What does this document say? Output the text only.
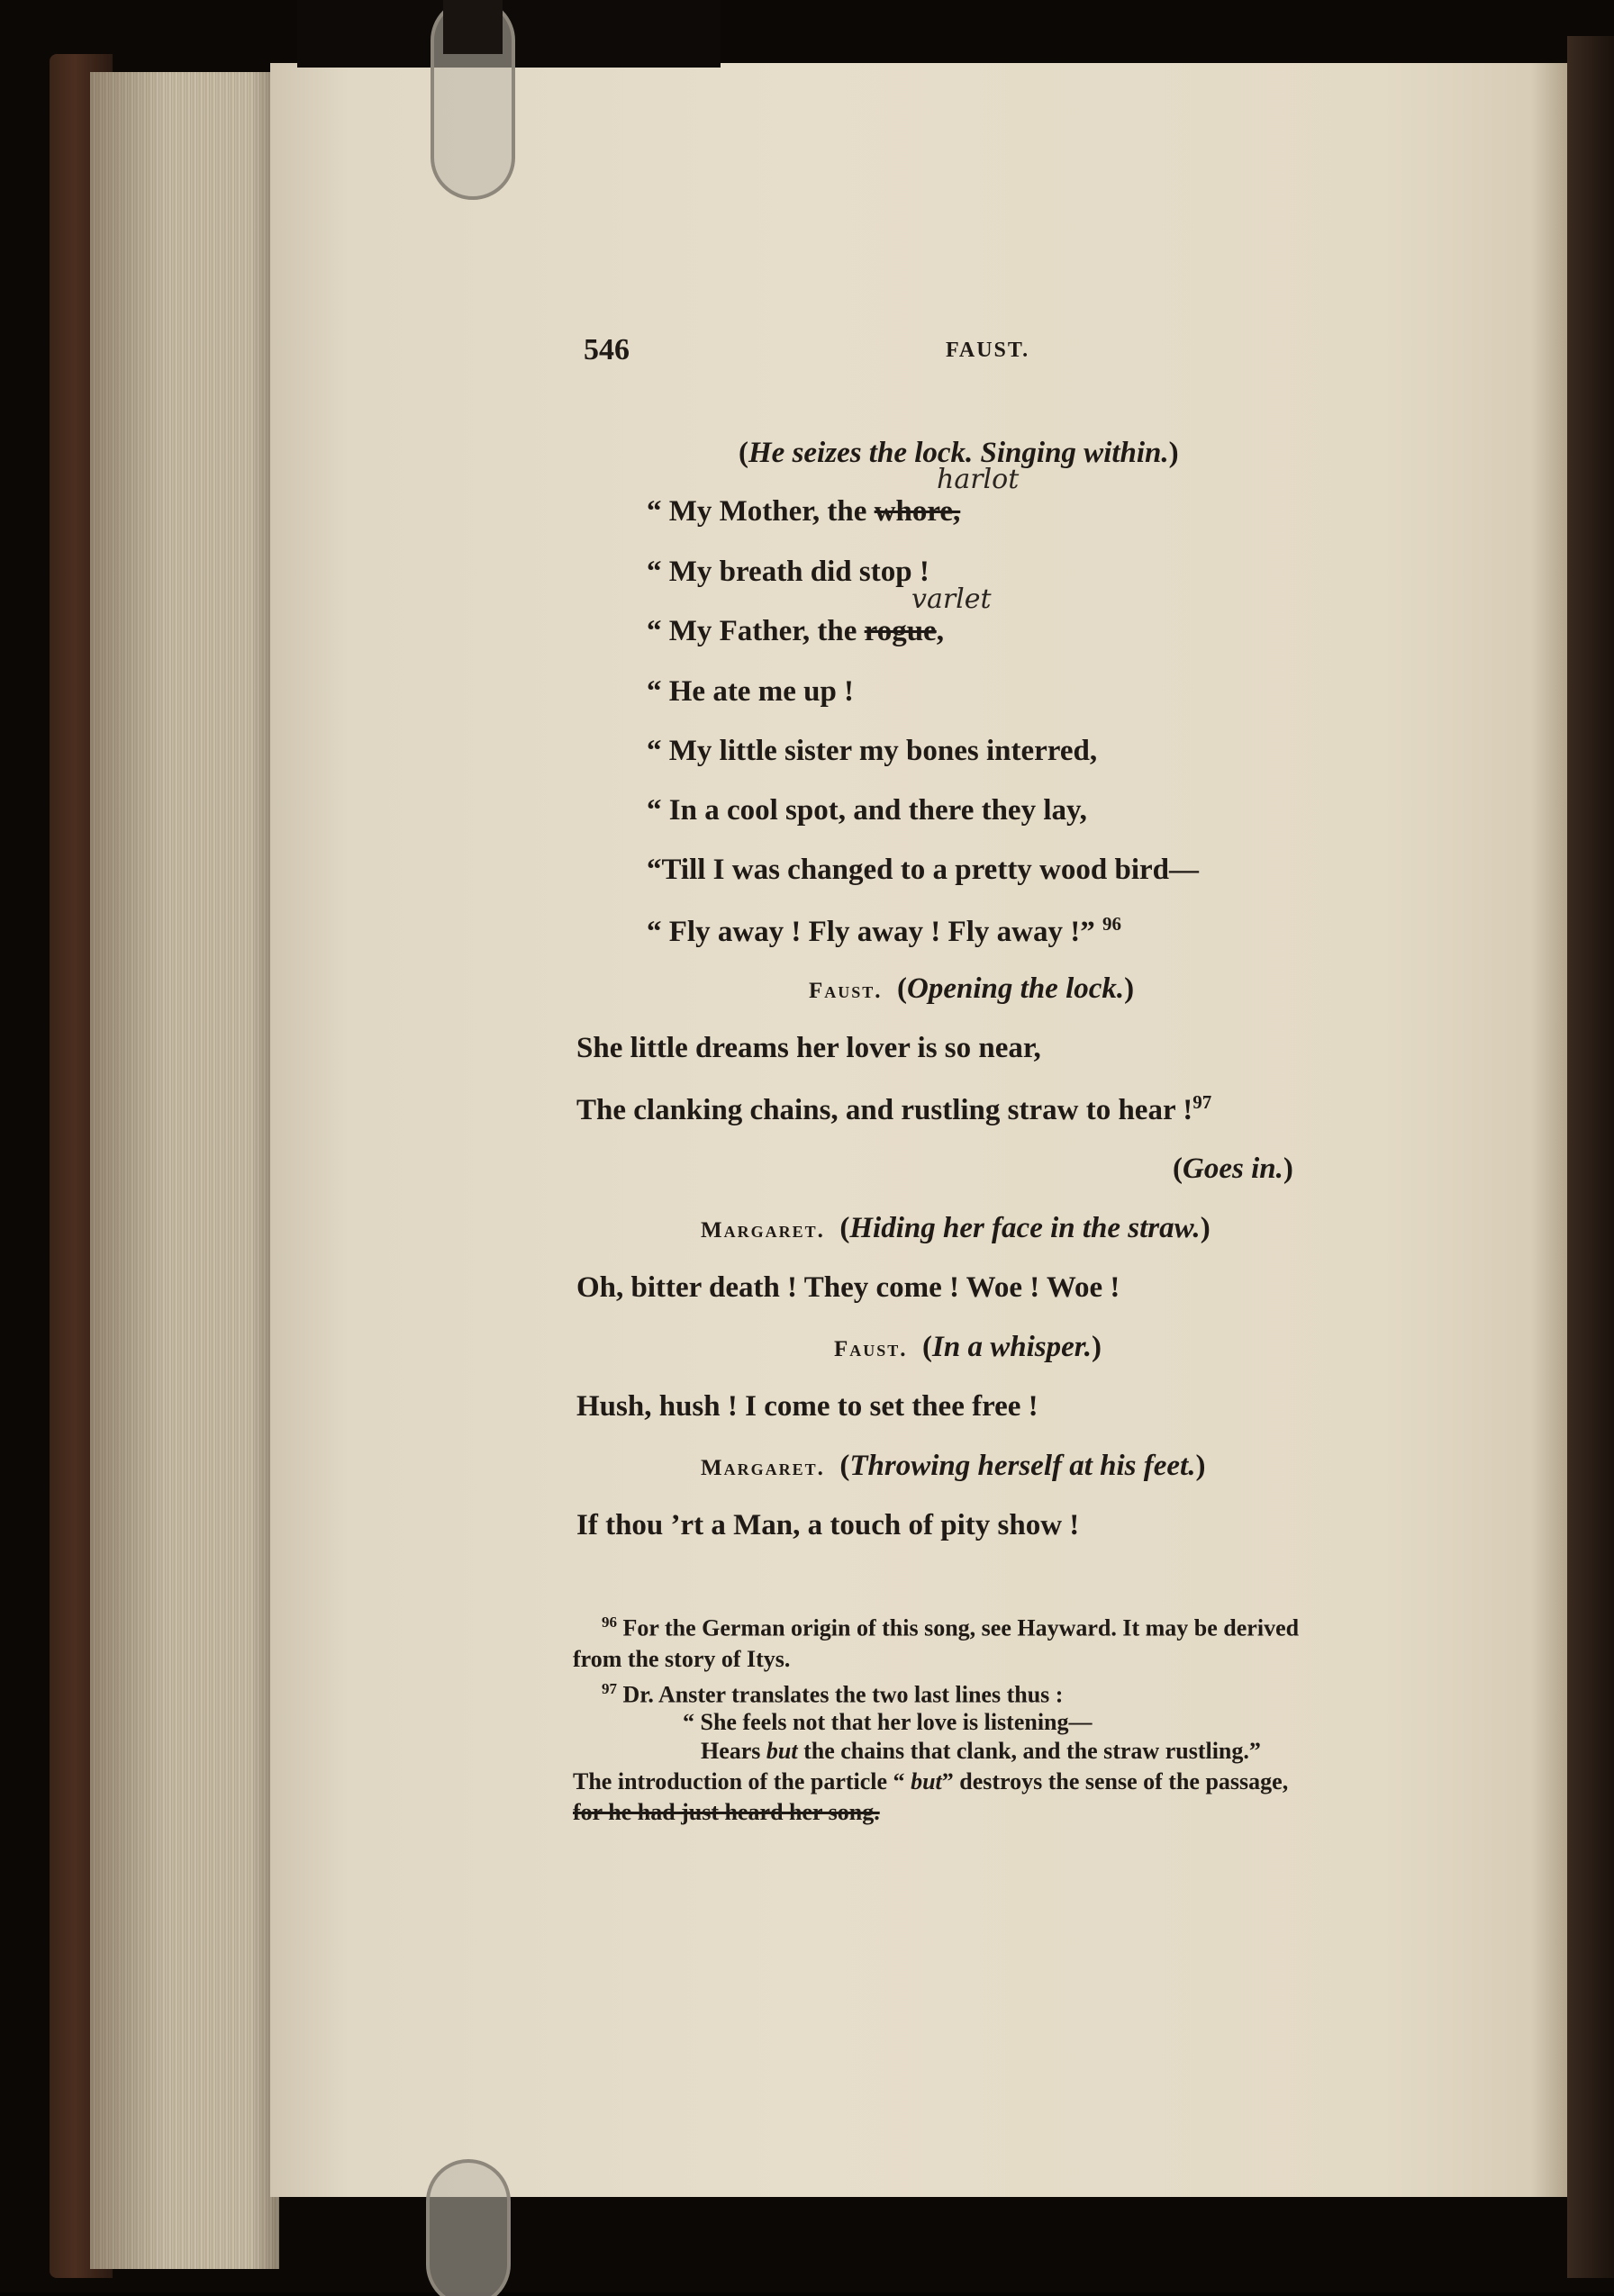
546	FAUST.
(He seizes the lock. Singing within.)
“ My Mother, the whore,
harlot
“ My breath did stop !
“ My Father, the rogue,
varlet
“ He ate me up !
“ My little sister my bones interred,
“ In a cool spot, and there they lay,
“Till I was changed to a pretty wood bird—
“ Fly away ! Fly away ! Fly away !” $^{96}$
Faust.  (Opening the lock.)
She little dreams her lover is so near,
The clanking chains, and rustling straw to hear !$^{97}$
(Goes in.)
Margaret.  (Hiding her face in the straw.)
Oh, bitter death ! They come ! Woe ! Woe !
Faust.  (In a whisper.)
Hush, hush ! I come to set thee free !
Margaret.  (Throwing herself at his feet.)
If thou ’rt a Man, a touch of pity show !
$^{96}$ For the German origin of this song, see Hayward. It may be derived
from the story of Itys.
$^{97}$ Dr. Anster translates the two last lines thus :
“ She feels not that her love is listening—
Hears but the chains that clank, and the straw rustling.”
The introduction of the particle “ but” destroys the sense of the passage,
for he had just heard her song.
